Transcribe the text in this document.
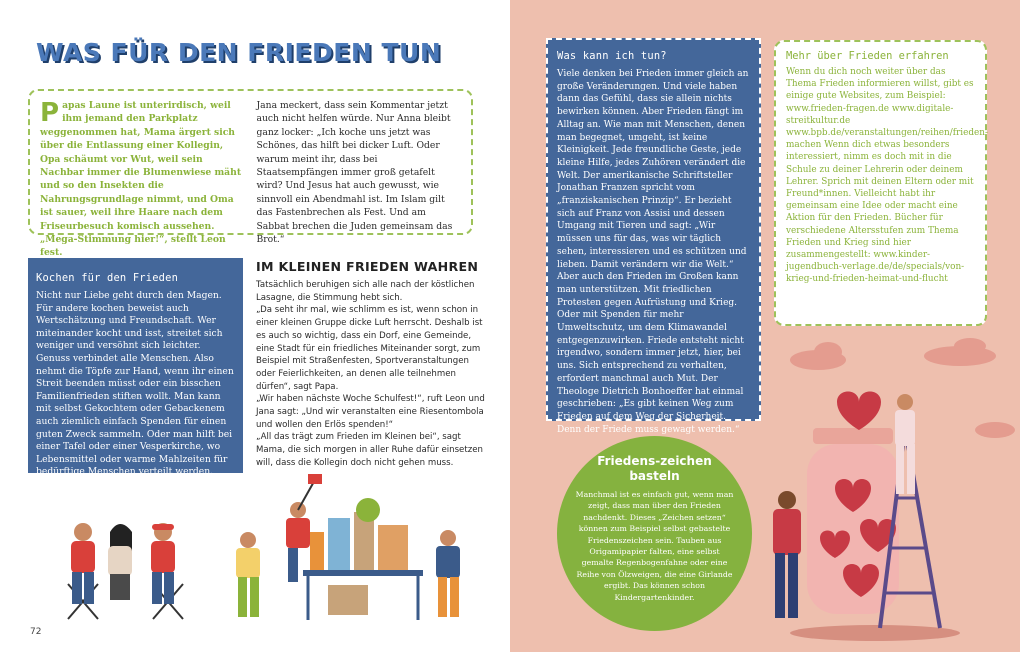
WAS FÜR DEN FRIEDEN TUN
P apas Laune ist unterirdisch, weil ihm jemand den Parkplatz weggenommen hat, Mama ärgert sich über die Entlassung einer Kollegin, Opa schäumt vor Wut, weil sein Nachbar immer die Blumenwiese mäht und so den Insekten die Nahrungsgrundlage nimmt, und Oma ist sauer, weil ihre Haare nach dem Friseurbesuch komisch aussehen. „Mega-Stimmung hier!“, stellt Leon fest.
Jana meckert, dass sein Kommentar jetzt auch nicht helfen würde. Nur Anna bleibt ganz locker: „Ich koche uns jetzt was Schönes, das hilft bei dicker Luft. Oder warum meint ihr, dass bei Staatsempfängen immer groß getafelt wird? Und Jesus hat auch gewusst, wie sinnvoll ein Abendmahl ist. Im Islam gilt das Fastenbrechen als Fest. Und am Sabbat brechen die Juden gemeinsam das Brot.“
Kochen für den Frieden
Nicht nur Liebe geht durch den Magen. Für andere kochen beweist auch Wertschätzung und Freundschaft. Wer miteinander kocht und isst, streitet sich weniger und versöhnt sich leichter. Genuss verbindet alle Menschen. Also nehmt die Töpfe zur Hand, wenn ihr einen Streit beenden müsst oder ein bisschen Familienfrieden stiften wollt. Man kann mit selbst Gekochtem oder Gebackenem auch ziemlich einfach Spenden für einen guten Zweck sammeln. Oder man hilft bei einer Tafel oder einer Vesperkirche, wo Lebensmittel oder warme Mahlzeiten für bedürftige Menschen verteilt werden.
IM KLEINEN FRIEDEN WAHREN
Tatsächlich beruhigen sich alle nach der köstlichen Lasagne, die Stimmung hebt sich.
„Da seht ihr mal, wie schlimm es ist, wenn schon in einer kleinen Gruppe dicke Luft herrscht. Deshalb ist es auch so wichtig, dass ein Dorf, eine Gemeinde, eine Stadt für ein friedliches Miteinander sorgt, zum Beispiel mit Straßenfesten, Sportveranstaltungen oder Feierlichkeiten, an denen alle teilnehmen dürfen“, sagt Papa.
„Wir haben nächste Woche Schulfest!“, ruft Leon und Jana sagt: „Und wir veranstalten eine Riesentombola und wollen den Erlös spenden!“
„All das trägt zum Frieden im Kleinen bei“, sagt Mama, die sich morgen in aller Ruhe dafür einsetzen will, dass die Kollegin doch nicht gehen muss.
72
Was kann ich tun?
Viele denken bei Frieden immer gleich an große Veränderungen. Und viele haben dann das Gefühl, dass sie allein nichts bewirken können. Aber Frieden fängt im Alltag an. Wie man mit Menschen, denen man begegnet, umgeht, ist keine Kleinigkeit. Jede freundliche Geste, jede kleine Hilfe, jedes Zuhören verändert die Welt. Der amerikanische Schriftsteller Jonathan Franzen spricht vom „franziskanischen Prinzip“. Er bezieht sich auf Franz von Assisi und dessen Umgang mit Tieren und sagt: „Wir müssen uns für das, was wir täglich sehen, interessieren und es schützen und lieben. Damit verändern wir die Welt.“ Aber auch den Frieden im Großen kann man unterstützen. Mit friedlichen Protesten gegen Aufrüstung und Krieg. Oder mit Spenden für mehr Umweltschutz, um dem Klimawandel entgegenzuwirken. Friede entsteht nicht irgendwo, sondern immer jetzt, hier, bei uns. Sich entsprechend zu verhalten, erfordert manchmal auch Mut. Der Theologe Dietrich Bonhoeffer hat einmal geschrieben: „Es gibt keinen Weg zum Frieden auf dem Weg der Sicherheit. Denn der Friede muss gewagt werden.“
Mehr über Frieden erfahren
Wenn du dich noch weiter über das Thema Frieden informieren willst, gibt es einige gute Websites, zum Beispiel: www.frieden-fragen.de www.digitale-streitkultur.de www.bpb.de/veranstaltungen/reihen/frieden-machen Wenn dich etwas besonders interessiert, nimm es doch mit in die Schule zu deiner Lehrerin oder deinem Lehrer. Sprich mit deinen Eltern oder mit Freund*innen. Vielleicht habt ihr gemeinsam eine Idee oder macht eine Aktion für den Frieden. Bücher für verschiedene Altersstufen zum Thema Frieden und Krieg sind hier zusammengestellt: www.kinder-jugendbuch-verlage.de/de/specials/von-krieg-und-frieden-heimat-und-flucht
Friedens-zeichen basteln
Manchmal ist es einfach gut, wenn man zeigt, dass man über den Frieden nachdenkt. Dieses „Zeichen setzen“ können zum Beispiel selbst gebastelte Friedenszeichen sein. Tauben aus Origamipapier falten, eine selbst gemalte Regenbogenfahne oder eine Reihe von Ölzweigen, die eine Girlande ergibt. Das können schon Kindergartenkinder.
